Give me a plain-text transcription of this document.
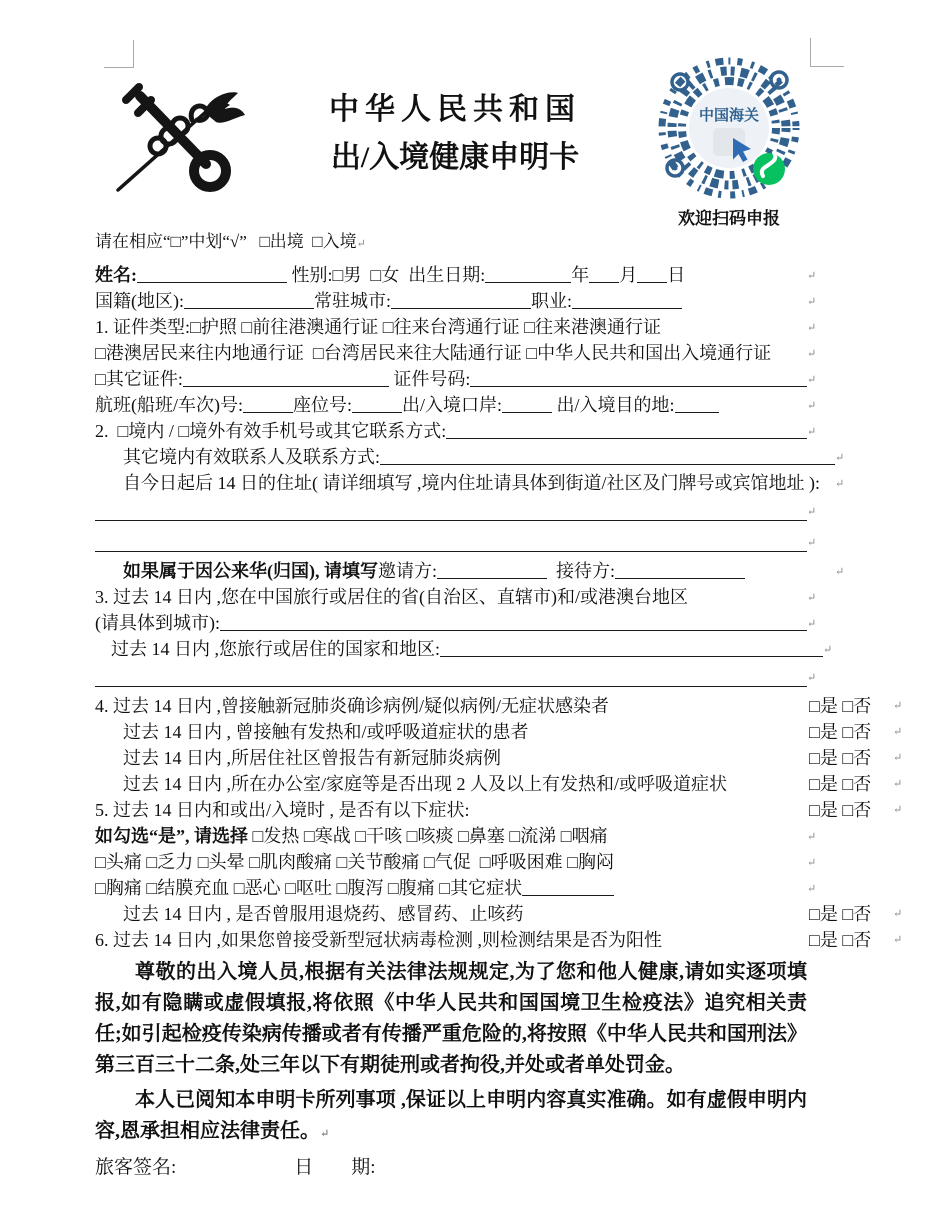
中华人民共和国
出/入境健康申明卡
中国海关
欢迎扫码申报
请在相应“□”中划“√”   □出境  □入境↵
姓名:	性别:□男  □女  出生日期:	年 月 日	↵
国籍(地区):	常驻城市:	职业:	↵
1. 证件类型:□护照 □前往港澳通行证 □往来台湾通行证 □往来港澳通行证	↵
□港澳居民来往内地通行证  □台湾居民来往大陆通行证 □中华人民共和国出入境通行证	↵
□其它证件:	证件号码:	↵
航班(船班/车次)号:	座位号:	出/入境口岸:	出/入境目的地:	↵
2.  □境内 / □境外有效手机号或其它联系方式:	↵
其它境内有效联系人及联系方式:	↵
自今日起后 14 日的住址( 请详细填写 ,境内住址请具体到街道/社区及门牌号或宾馆地址 ): ↵
↵
↵
如果属于因公来华(归国), 请填写 邀请方:	接待方:	↵
3. 过去 14 日内 ,您在中国旅行或居住的省(自治区、直辖市)和/或港澳台地区	↵
(请具体到城市):	↵
过去 14 日内 ,您旅行或居住的国家和地区:	↵
↵
4. 过去 14 日内 ,曾接触新冠肺炎确诊病例/疑似病例/无症状感染者	□是 □否	↵
过去 14 日内 , 曾接触有发热和/或呼吸道症状的患者	□是 □否	↵
过去 14 日内 ,所居住社区曾报告有新冠肺炎病例	□是 □否	↵
过去 14 日内 ,所在办公室/家庭等是否出现 2 人及以上有发热和/或呼吸道症状	□是 □否	↵
5. 过去 14 日内和或出/入境时 , 是否有以下症状:	□是 □否	↵
如勾选“是”, 请选择 □发热 □寒战 □干咳 □咳痰 □鼻塞 □流涕 □咽痛	↵
□头痛 □乏力 □头晕 □肌肉酸痛 □关节酸痛 □气促  □呼吸困难 □胸闷	↵
□胸痛 □结膜充血 □恶心 □呕吐 □腹泻 □腹痛 □其它症状	↵
过去 14 日内 , 是否曾服用退烧药、感冒药、止咳药	□是 □否	↵
6. 过去 14 日内 ,如果您曾接受新型冠状病毒检测 ,则检测结果是否为阳性	□是 □否	↵

尊敬的出入境人员,根据有关法律法规规定,为了您和他人健康,请如实逐项填报,如有隐瞒或虚假填报,将依照《中华人民共和国国境卫生检疫法》追究相关责任;如引起检疫传染病传播或者有传播严重危险的,将按照《中华人民共和国刑法》第三百三十二条,处三年以下有期徒刑或者拘役,并处或者单处罚金。

本人已阅知本申明卡所列事项 ,保证以上申明内容真实准确。如有虚假申明内容,恩承担相应法律责任。↵

旅客签名:	日　　期:
